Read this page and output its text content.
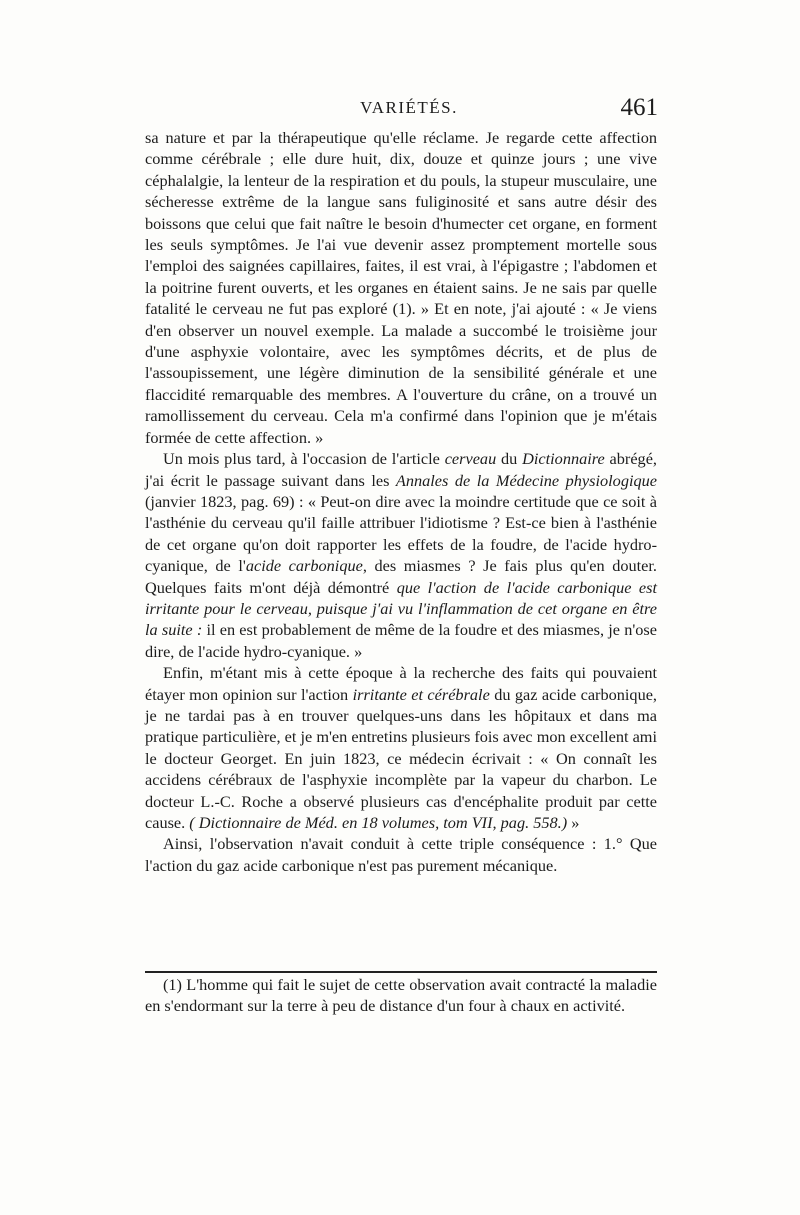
VARIÉTÉS.	461

sa nature et par la thérapeutique qu'elle réclame. Je regarde cette affection comme cérébrale ; elle dure huit, dix, douze et quinze jours ; une vive céphalalgie, la lenteur de la respiration et du pouls, la stupeur musculaire, une sécheresse extrême de la langue sans fuliginosité et sans autre désir des boissons que celui que fait naître le besoin d'humecter cet organe, en forment les seuls symptômes. Je l'ai vue devenir assez promptement mortelle sous l'emploi des saignées capillaires, faites, il est vrai, à l'épigastre ; l'abdomen et la poitrine furent ouverts, et les organes en étaient sains. Je ne sais par quelle fatalité le cerveau ne fut pas exploré (1). » Et en note, j'ai ajouté : « Je viens d'en observer un nouvel exemple. La malade a succombé le troisième jour d'une asphyxie volontaire, avec les symptômes décrits, et de plus de l'assoupissement, une légère diminution de la sensibilité générale et une flaccidité remarquable des membres. A l'ouverture du crâne, on a trouvé un ramollissement du cerveau. Cela m'a confirmé dans l'opinion que je m'étais formée de cette affection. »

Un mois plus tard, à l'occasion de l'article cerveau du Dictionnaire abrégé, j'ai écrit le passage suivant dans les Annales de la Médecine physiologique (janvier 1823, pag. 69) : « Peut-on dire avec la moindre certitude que ce soit à l'asthénie du cerveau qu'il faille attribuer l'idiotisme ? Est-ce bien à l'asthénie de cet organe qu'on doit rapporter les effets de la foudre, de l'acide hydro-cyanique, de l'acide carbonique, des miasmes ? Je fais plus qu'en douter. Quelques faits m'ont déjà démontré que l'action de l'acide carbonique est irritante pour le cerveau, puisque j'ai vu l'inflammation de cet organe en être la suite : il en est probablement de même de la foudre et des miasmes, je n'ose dire, de l'acide hydro-cyanique. »

Enfin, m'étant mis à cette époque à la recherche des faits qui pouvaient étayer mon opinion sur l'action irritante et cérébrale du gaz acide carbonique, je ne tardai pas à en trouver quelques-uns dans les hôpitaux et dans ma pratique particulière, et je m'en entretins plusieurs fois avec mon excellent ami le docteur Georget. En juin 1823, ce médecin écrivait : « On connaît les accidens cérébraux de l'asphyxie incomplète par la vapeur du charbon. Le docteur L.-C. Roche a observé plusieurs cas d'encéphalite produit par cette cause. ( Dictionnaire de Méd. en 18 volumes, tom VII, pag. 558.) »

Ainsi, l'observation n'avait conduit à cette triple conséquence : 1.° Que l'action du gaz acide carbonique n'est pas purement mécanique.

(1) L'homme qui fait le sujet de cette observation avait contracté la maladie en s'endormant sur la terre à peu de distance d'un four à chaux en activité.
